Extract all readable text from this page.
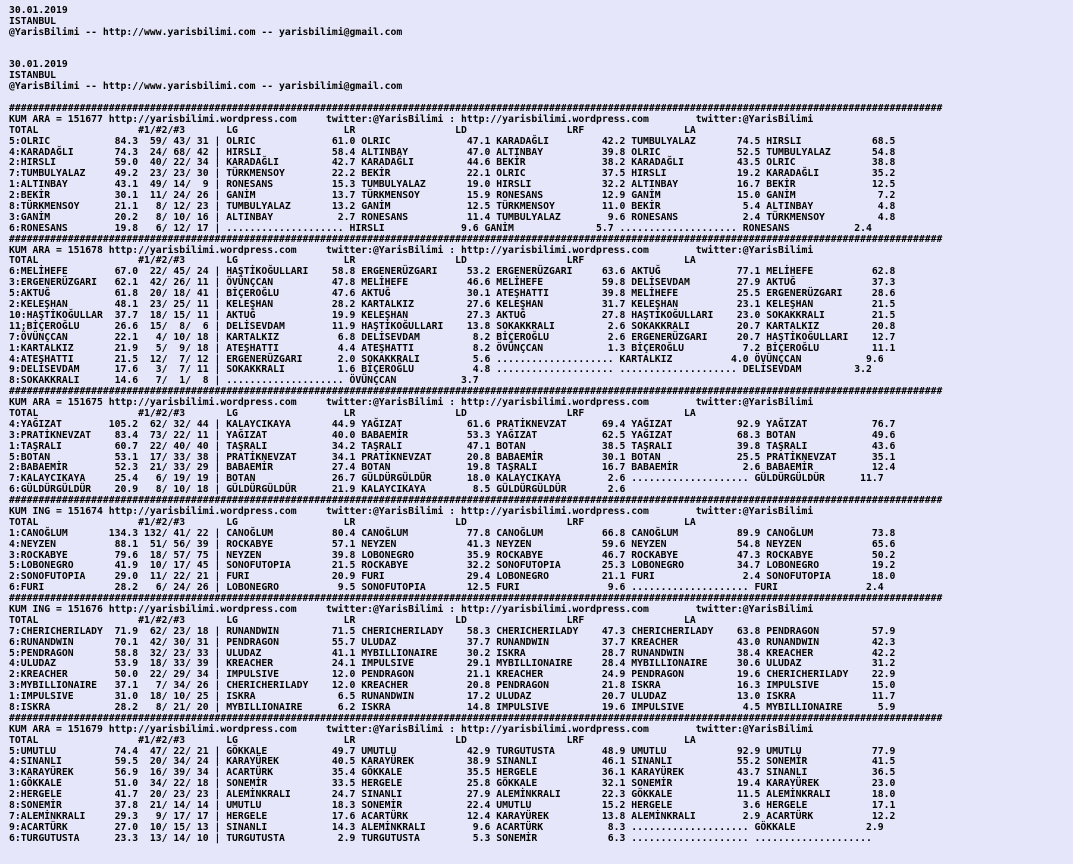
30.01.2019
ISTANBUL
@YarisBilimi -- http://www.yarisbilimi.com -- yarisbilimi@gmail.com

30.01.2019
ISTANBUL
@YarisBilimi -- http://www.yarisbilimi.com -- yarisbilimi@gmail.com

###############################################################################################################################################################
KUM ARA = 151677 http://yarisbilimi.wordpress.com     twitter:@YarisBilimi : http://yarisbilimi.wordpress.com        twitter:@YarisBilimi
TOTAL                 #1/#2/#3       LG                  LR                 LD                 LRF                 LA
5:OLRIC           84.3  59/ 43/ 31 | OLRIC             61.0 OLRIC             47.1 KARADAĞLI         42.2 TUMBULYALAZ       74.5 HIRSLI            68.5
4:KARADAĞLI       74.3  24/ 68/ 42 | HIRSLI            58.4 ALTINBAY          47.0 ALTINBAY          39.8 OLRIC             52.5 TUMBULYALAZ       54.8
2:HIRSLI          59.0  40/ 22/ 34 | KARADAĞLI         42.7 KARADAĞLI         44.6 BEKİR             38.2 KARADAĞLI         43.5 OLRIC             38.8
7:TUMBULYALAZ     49.2  23/ 23/ 30 | TÜRKMENSOY        22.2 BEKİR             22.1 OLRIC             37.5 HIRSLI            19.2 KARADAĞLI         35.2
1:ALTINBAY        43.1  49/ 14/  9 | RONESANS          15.3 TUMBULYALAZ       19.0 HIRSLI            32.2 ALTINBAY          16.7 BEKİR             12.5
2:BEKİR           30.1  11/ 24/ 26 | GANİM             13.7 TÜRKMENSOY        15.9 RONESANS          12.9 GANİM             15.0 GANİM              7.2
8:TÜRKMENSOY      21.1   8/ 12/ 23 | TUMBULYALAZ       13.2 GANİM             12.5 TÜRKMENSOY        11.0 BEKİR              5.4 ALTINBAY           4.8
3:GANİM           20.2   8/ 10/ 16 | ALTINBAY           2.7 RONESANS          11.4 TUMBULYALAZ        9.6 RONESANS           2.4 TÜRKMENSOY         4.8
6:RONESANS        19.8   6/ 12/ 17 | .................... HIRSLI             9.6 GANİM              5.7 .................... RONESANS           2.4
###############################################################################################################################################################
KUM ARA = 151678 http://yarisbilimi.wordpress.com     twitter:@YarisBilimi : http://yarisbilimi.wordpress.com        twitter:@YarisBilimi
TOTAL                 #1/#2/#3       LG                  LR                 LD                 LRF                 LA
6:MELİHEFE        67.0  22/ 45/ 24 | HAŞTİKOĞULLARI    58.8 ERGENERÜZGARI     53.2 ERGENERÜZGARI     63.6 AKTUĞ             77.1 MELİHEFE          62.8
3:ERGENERÜZGARI   62.1  42/ 26/ 11 | ÖVÜNÇCAN          47.8 MELİHEFE          46.6 MELİHEFE          59.8 DELİSEVDAM        27.9 AKTUĞ             37.3
5:AKTUĞ           61.8  20/ 18/ 41 | BİÇEROĞLU         47.6 AKTUĞ             30.1 ATEŞHATTI         39.8 MELİHEFE          25.5 ERGENERÜZGARI     28.6
2:KELEŞHAN        48.1  23/ 25/ 11 | KELEŞHAN          28.2 KARTALKIZ         27.6 KELEŞHAN          31.7 KELEŞHAN          23.1 KELEŞHAN          21.5
10:HAŞTİKOĞULLAR  37.7  18/ 15/ 11 | AKTUĞ             19.9 KELEŞHAN          27.3 AKTUĞ             27.8 HAŞTİKOĞULLARI    23.0 SOKAKKRALI        21.5
11;BİÇEROĞLU      26.6  15/  8/  6 | DELİSEVDAM        11.9 HAŞTİKOĞULLARI    13.8 SOKAKKRALI         2.6 SOKAKKRALI        20.7 KARTALKIZ         20.8
7:ÖVÜNÇCAN        22.1   4/ 10/ 18 | KARTALKIZ          6.8 DELİSEVDAM         8.2 BİÇEROĞLU          2.6 ERGENERÜZGARI     20.7 HAŞTİKOĞULLARI    12.7
1:KARTALKIZ       21.9   5/  9/ 18 | ATEŞHATTI          4.4 ATEŞHATTI          8.2 ÖVÜNÇCAN           1.3 BİÇEROĞLU          7.2 BİÇEROĞLU         11.1
4:ATEŞHATTI       21.5  12/  7/ 12 | ERGENERÜZGARI      2.0 SOKAKKRALI         5.6 .................... KARTALKIZ          4.0 ÖVÜNÇCAN           9.6
9:DELİSEVDAM      17.6   3/  7/ 11 | SOKAKKRALI         1.6 BİÇEROĞLU          4.8 .................... .................... DELİSEVDAM         3.2
8:SOKAKKRALI      14.6   7/  1/  8 | .................... ÖVÜNÇCAN           3.7
###############################################################################################################################################################
KUM ARA = 151675 http://yarisbilimi.wordpress.com     twitter:@YarisBilimi : http://yarisbilimi.wordpress.com        twitter:@YarisBilimi
TOTAL                 #1/#2/#3       LG                  LR                 LD                 LRF                 LA
4:YAĞIZAT        105.2  62/ 32/ 44 | KALAYCIKAYA       44.9 YAĞIZAT           61.6 PRATİKNEVZAT      69.4 YAĞIZAT           92.9 YAĞIZAT           76.7
3:PRATİKNEVZAT    83.4  73/ 22/ 11 | YAĞIZAT           40.0 BABAEMİR          53.3 YAĞIZAT           62.5 YAĞIZAT           68.3 BOTAN             49.6
1:TAŞRALI         60.7  22/ 40/ 40 | TAŞRALI           34.2 TAŞRALI           47.1 BOTAN             38.5 TAŞRALI           39.8 TAŞRALI           43.6
5:BOTAN           53.1  17/ 33/ 38 | PRATİKNEVZAT      34.1 PRATİKNEVZAT      20.8 BABAEMİR          30.1 BOTAN             25.5 PRATİKNEVZAT      35.1
2:BABAEMİR        52.3  21/ 33/ 29 | BABAEMİR          27.4 BOTAN             19.8 TAŞRALI           16.7 BABAEMİR           2.6 BABAEMİR          12.4
7:KALAYCIKAYA     25.4   6/ 19/ 19 | BOTAN             26.7 GÜLDÜRGÜLDÜR      18.0 KALAYCIKAYA        2.6 .................... GÜLDÜRGÜLDÜR      11.7
6:GÜLDÜRGÜLDÜR    20.9   8/ 10/ 18 | GÜLDÜRGÜLDÜR      21.9 KALAYCIKAYA        8.5 GÜLDÜRGÜLDÜR       2.6
###############################################################################################################################################################
KUM ING = 151674 http://yarisbilimi.wordpress.com     twitter:@YarisBilimi : http://yarisbilimi.wordpress.com        twitter:@YarisBilimi
TOTAL                 #1/#2/#3       LG                  LR                 LD                 LRF                 LA
1:CANOĞLUM       134.3 132/ 41/ 22 | CANOĞLUM          80.4 CANOĞLUM          77.8 CANOĞLUM          66.8 CANOĞLUM          89.9 CANOĞLUM          73.8
4:NEYZEN          88.1  51/ 56/ 39 | ROCKABYE          57.1 NEYZEN            41.3 NEYZEN            59.6 NEYZEN            54.8 NEYZEN            65.6
3:ROCKABYE        79.6  18/ 57/ 75 | NEYZEN            39.8 LOBONEGRO         35.9 ROCKABYE          46.7 ROCKABYE          47.3 ROCKABYE          50.2
5:LOBONEGRO       41.9  10/ 17/ 45 | SONOFUTOPIA       21.5 ROCKABYE          32.2 SONOFUTOPIA       25.3 LOBONEGRO         34.7 LOBONEGRO         19.2
2:SONOFUTOPIA     29.0  11/ 22/ 21 | FURI              20.9 FURI              29.4 LOBONEGRO         21.1 FURI               2.4 SONOFUTOPIA       18.0
6:FURI            28.2   6/ 24/ 26 | LOBONEGRO          9.5 SONOFUTOPIA       12.5 FURI               9.6 .................... FURI               2.4
###############################################################################################################################################################
KUM ING = 151676 http://yarisbilimi.wordpress.com     twitter:@YarisBilimi : http://yarisbilimi.wordpress.com        twitter:@YarisBilimi
TOTAL                 #1/#2/#3       LG                  LR                 LD                 LRF                 LA
7:CHERICHERILADY  71.9  62/ 23/ 18 | RUNANDWIN         71.5 CHERICHERILADY    58.3 CHERICHERILADY    47.3 CHERICHERILADY    63.8 PENDRAGON         57.9
6:RUNANDWIN       70.1  42/ 30/ 31 | PENDRAGON         55.7 ULUDAZ            37.7 RUNANDWIN         37.7 KREACHER          43.0 RUNANDWIN         42.3
5:PENDRAGON       58.8  32/ 23/ 33 | ULUDAZ            41.1 MYBILLIONAIRE     30.2 ISKRA             28.7 RUNANDWIN         38.4 KREACHER          42.2
4:ULUDAZ          53.9  18/ 33/ 39 | KREACHER          24.1 IMPULSIVE         29.1 MYBILLIONAIRE     28.4 MYBILLIONAIRE     30.6 ULUDAZ            31.2
2:KREACHER        50.0  22/ 29/ 34 | IMPULSIVE         12.0 PENDRAGON         21.1 KREACHER          24.9 PENDRAGON         19.6 CHERICHERILADY    22.9
3:MYBILLIONAIRE   37.1   7/ 34/ 26 | CHERICHERILADY    12.0 KREACHER          20.8 PENDRAGON         21.8 ISKRA             16.3 IMPULSIVE         15.0
1:IMPULSIVE       31.0  18/ 10/ 25 | ISKRA              6.5 RUNANDWIN         17.2 ULUDAZ            20.7 ULUDAZ            13.0 ISKRA             11.7
8:ISKRA           28.2   8/ 21/ 20 | MYBILLIONAIRE      6.2 ISKRA             14.8 IMPULSIVE         19.6 IMPULSIVE          4.5 MYBILLIONAIRE      5.9
###############################################################################################################################################################
KUM ARA = 151679 http://yarisbilimi.wordpress.com     twitter:@YarisBilimi : http://yarisbilimi.wordpress.com        twitter:@YarisBilimi
TOTAL                 #1/#2/#3       LG                  LR                 LD                 LRF                 LA
5:UMUTLU          74.4  47/ 22/ 21 | GÖKKALE           49.7 UMUTLU            42.9 TURGUTUSTA        48.9 UMUTLU            92.9 UMUTLU            77.9
4:SINANLI         59.5  20/ 34/ 24 | KARAYÜREK         40.5 KARAYÜREK         38.9 SINANLI           46.1 SINANLI           55.2 SONEMİR           41.5
3:KARAYÜREK       56.9  16/ 39/ 34 | ACARTÜRK          35.4 GÖKKALE           35.5 HERGELE           36.1 KARAYÜREK         43.7 SINANLI           36.5
1:GÖKKALE         51.0  34/ 22/ 18 | SONEMİR           33.5 HERGELE           25.8 GÖKKALE           32.1 SONEMİR           19.4 KARAYÜREK         23.0
2:HERGELE         41.7  20/ 23/ 23 | ALEMİNKRALI       24.7 SINANLI           27.9 ALEMİNKRALI       22.3 GÖKKALE           11.5 ALEMİNKRALI       18.0
8:SONEMİR         37.8  21/ 14/ 14 | UMUTLU            18.3 SONEMİR           22.4 UMUTLU            15.2 HERGELE            3.6 HERGELE           17.1
7:ALEMİNKRALI     29.3   9/ 17/ 17 | HERGELE           17.6 ACARTÜRK          12.4 KARAYÜREK         13.8 ALEMİNKRALI        2.9 ACARTÜRK          12.2
9:ACARTÜRK        27.0  10/ 15/ 13 | SINANLI           14.3 ALEMİNKRALI        9.6 ACARTÜRK           8.3 .................... GÖKKALE            2.9
6:TURGUTUSTA      23.3  13/ 14/ 10 | TURGUTUSTA         2.9 TURGUTUSTA         5.3 SONEMİR            6.3 .................... ....................
